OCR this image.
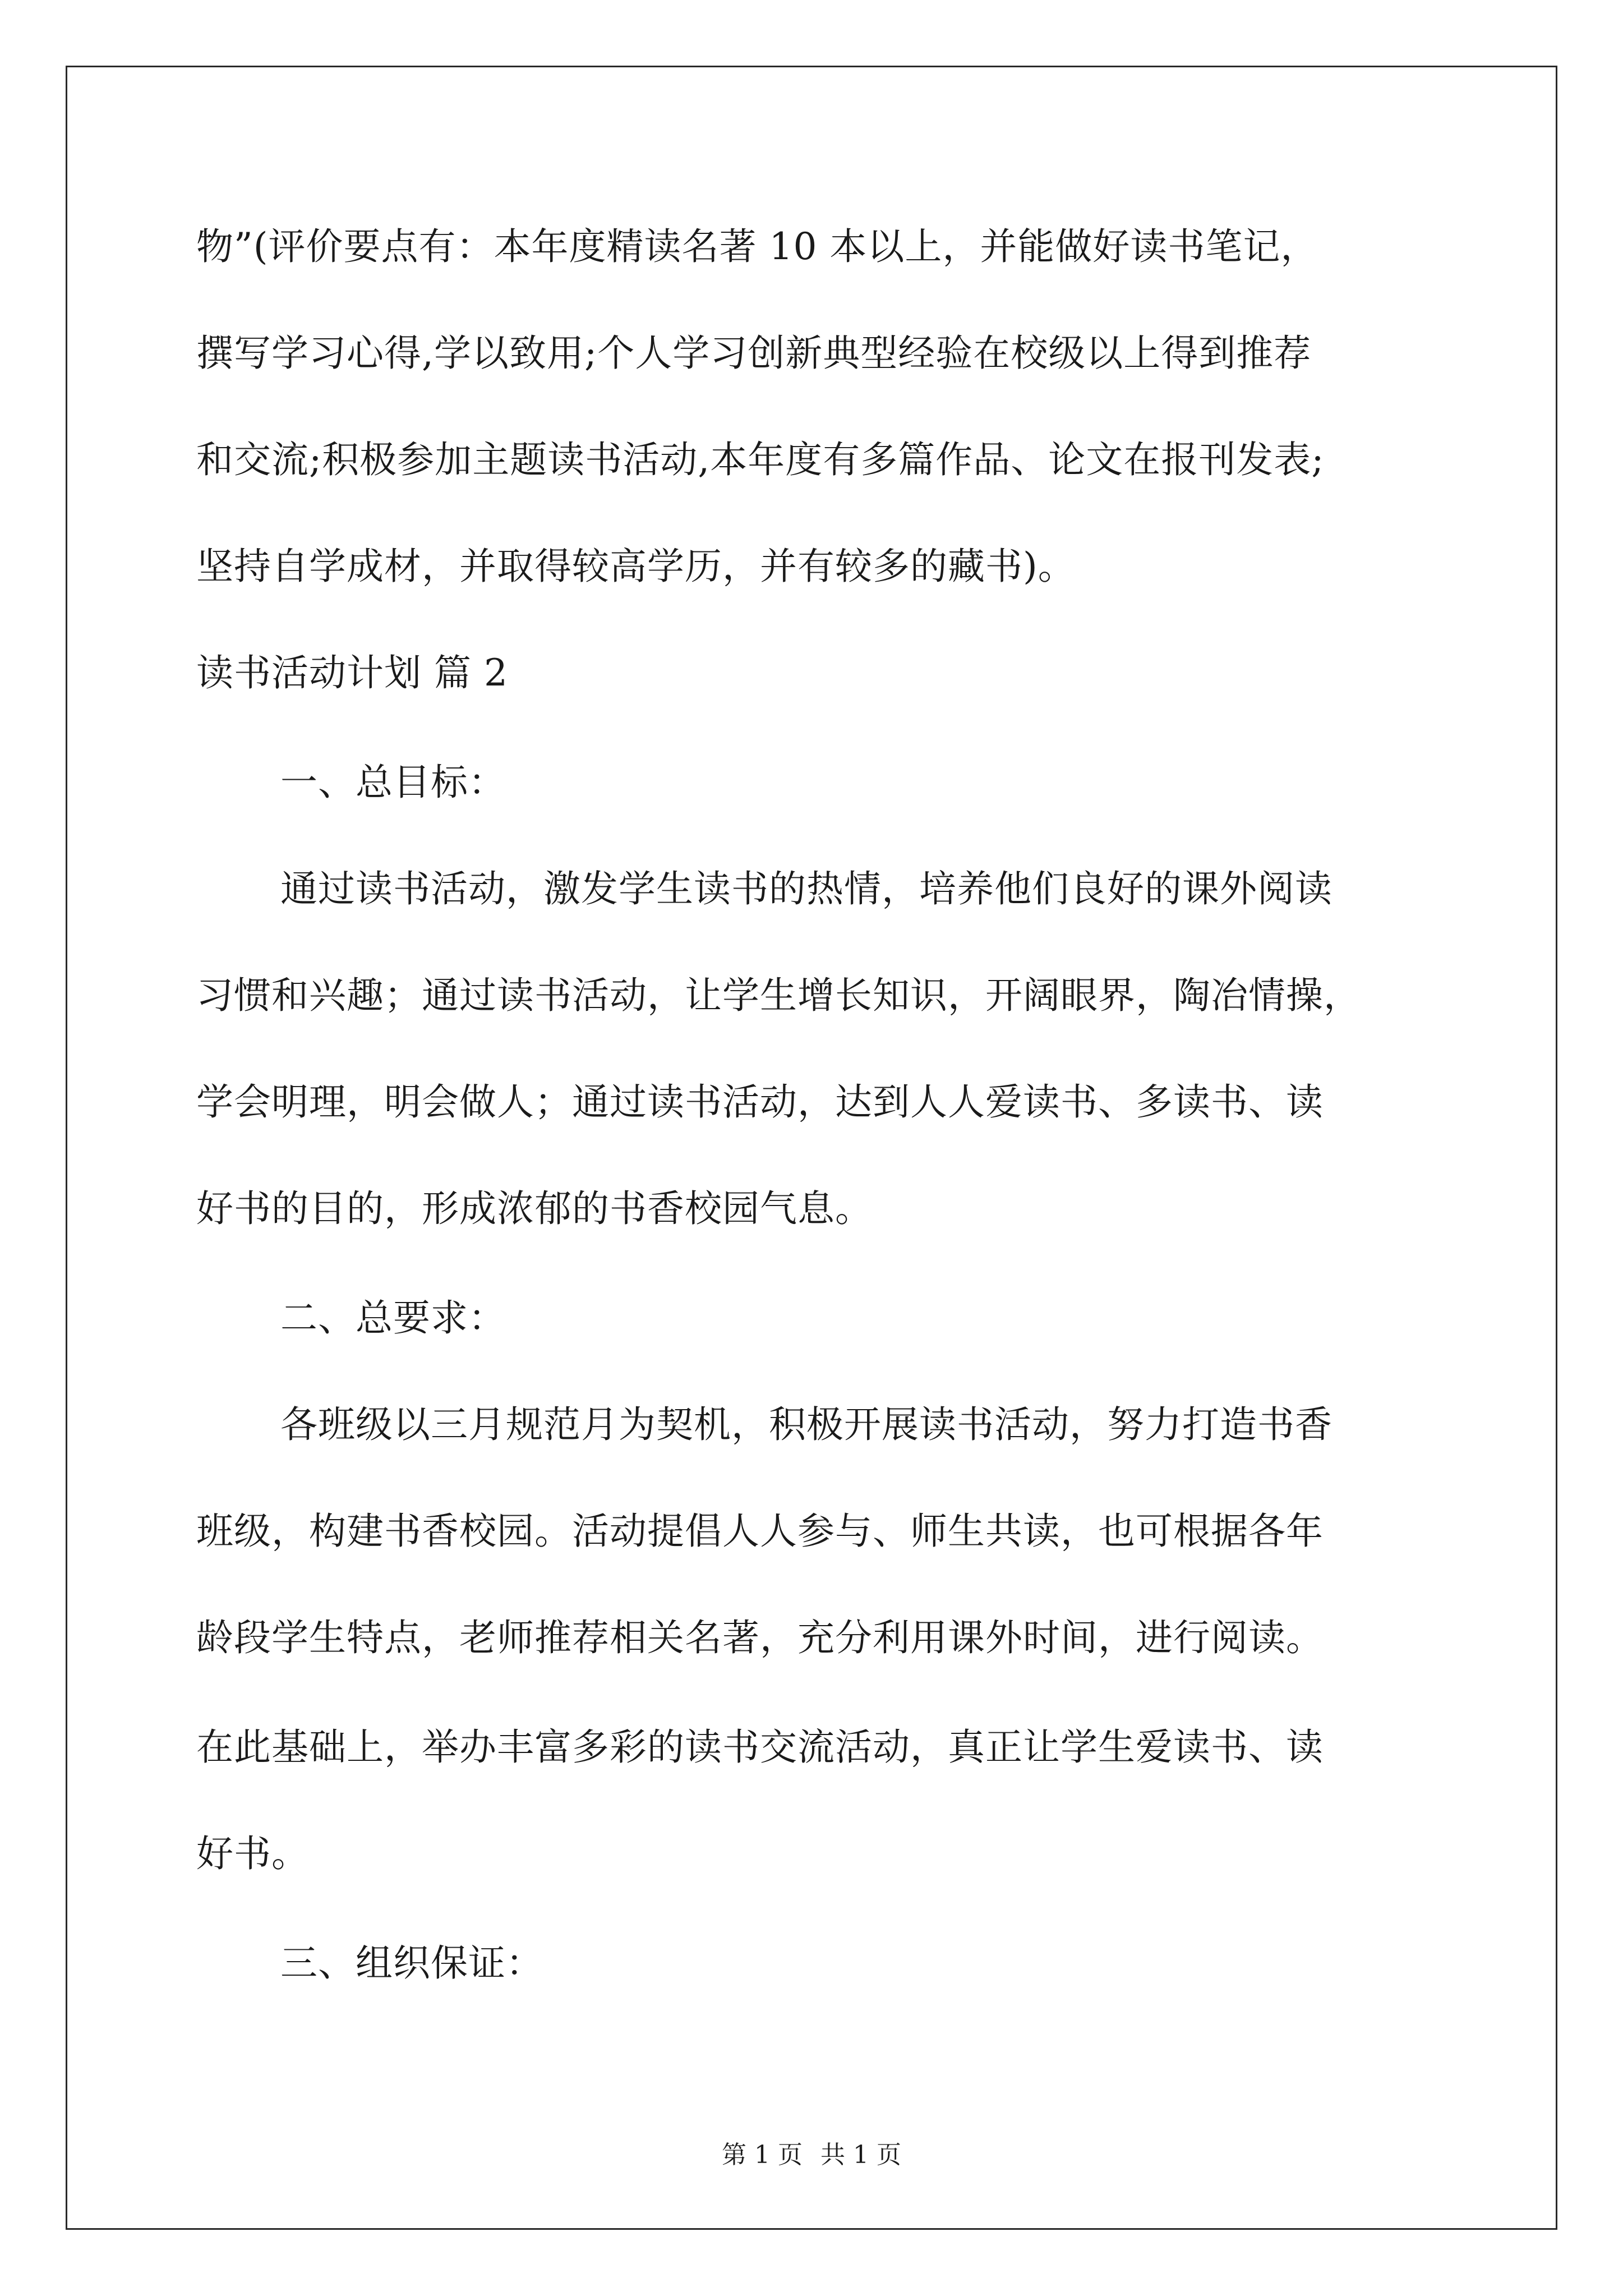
物”(评价要点有：本年度精读名著 10 本以上，并能做好读书笔记，
撰写学习心得,学以致用;个人学习创新典型经验在校级以上得到推荐
和交流;积极参加主题读书活动,本年度有多篇作品、论文在报刊发表;
坚持自学成材，并取得较高学历，并有较多的藏书)。
读书活动计划 篇 2
一、总目标：
通过读书活动，激发学生读书的热情，培养他们良好的课外阅读
习惯和兴趣；通过读书活动，让学生增长知识，开阔眼界，陶冶情操，
学会明理，明会做人；通过读书活动，达到人人爱读书、多读书、读
好书的目的，形成浓郁的书香校园气息。
二、总要求：
各班级以三月规范月为契机，积极开展读书活动，努力打造书香
班级，构建书香校园。活动提倡人人参与、师生共读，也可根据各年
龄段学生特点，老师推荐相关名著，充分利用课外时间，进行阅读。
在此基础上，举办丰富多彩的读书交流活动，真正让学生爱读书、读
好书。
三、组织保证：
第 1 页 共 1 页
